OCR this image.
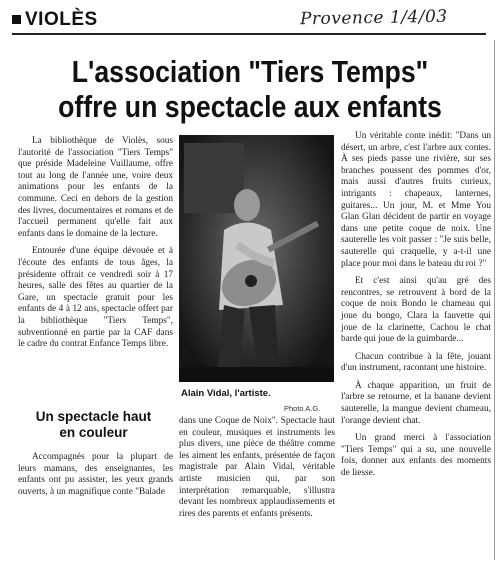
VIOLÈS	Provence 1/4/03
L'association "Tiers Temps"
offre un spectacle aux enfants

La bibliothèque de Violès, sous l'autorité de l'association "Tiers Temps" que préside Madeleine Vuillaume, offre tout au long de l'année une, voire deux animations pour les enfants de la commune. Ceci en dehors de la gestion des livres, documentaires et romans et de l'accueil permanent qu'elle fait aux enfants dans le domaine de la lecture.

Entourée d'une équipe dévouée et à l'écoute des enfants de tous âges, la présidente offrait ce vendredi soir à 17 heures, salle des fêtes au quartier de la Gare, un spectacle gratuit pour les enfants de 4 à 12 ans, spectacle offert par la bibliothèque "Tiers Temps", subventionné en partie par la CAF dans le cadre du contrat Enfance Temps libre.

Un spectacle haut en couleur

Accompagnés pour la plupart de leurs mamans, des enseignantes, les enfants ont pu assister, les yeux grands ouverts, à un magnifique conte "Balade

Alain Vidal, l'artiste.
Photo A.G.

dans une Coque de Noix". Spectacle haut en couleur, musiques et instruments les plus divers, une pièce de théâtre comme les aiment les enfants, présentée de façon magistrale par Alain Vidal, véritable artiste musicien qui, par son interprétation remarquable, s'illustra devant les nombreux applaudissements et rires des parents et enfants présents.

Un véritable conte inédit: "Dans un désert, un arbre, c'est l'arbre aux contes. À ses pieds passe une rivière, sur ses branches poussent des pommes d'or, mais aussi d'autres fruits curieux, intrigants : chapeaux, lanternes, guitares... Un jour, M. et Mme You Glan Glan décident de partir en voyage dans une petite coque de noix. Une sauterelle les voit passer : "Je suis belle, sauterelle qui craquelle, y a-t-il une place pour moi dans le bateau du roi ?"

Et c'est ainsi qu'au gré des rencontres, se retrouvent à bord de la coque de noix Bondo le chameau qui joue du bongo, Clara la fauvette qui joue de la clarinette, Cachou le chat barde qui joue de la guimbarde...

Chacun contribue à la fête, jouant d'un instrument, racontant une histoire.

À chaque apparition, un fruit de l'arbre se retourne, et la banane devient sauterelle, la mangue devient chameau, l'orange devient chat.

Un grand merci à l'association "Tiers Temps" qui a su, une nouvelle fois, donner aux enfants des moments de liesse.
